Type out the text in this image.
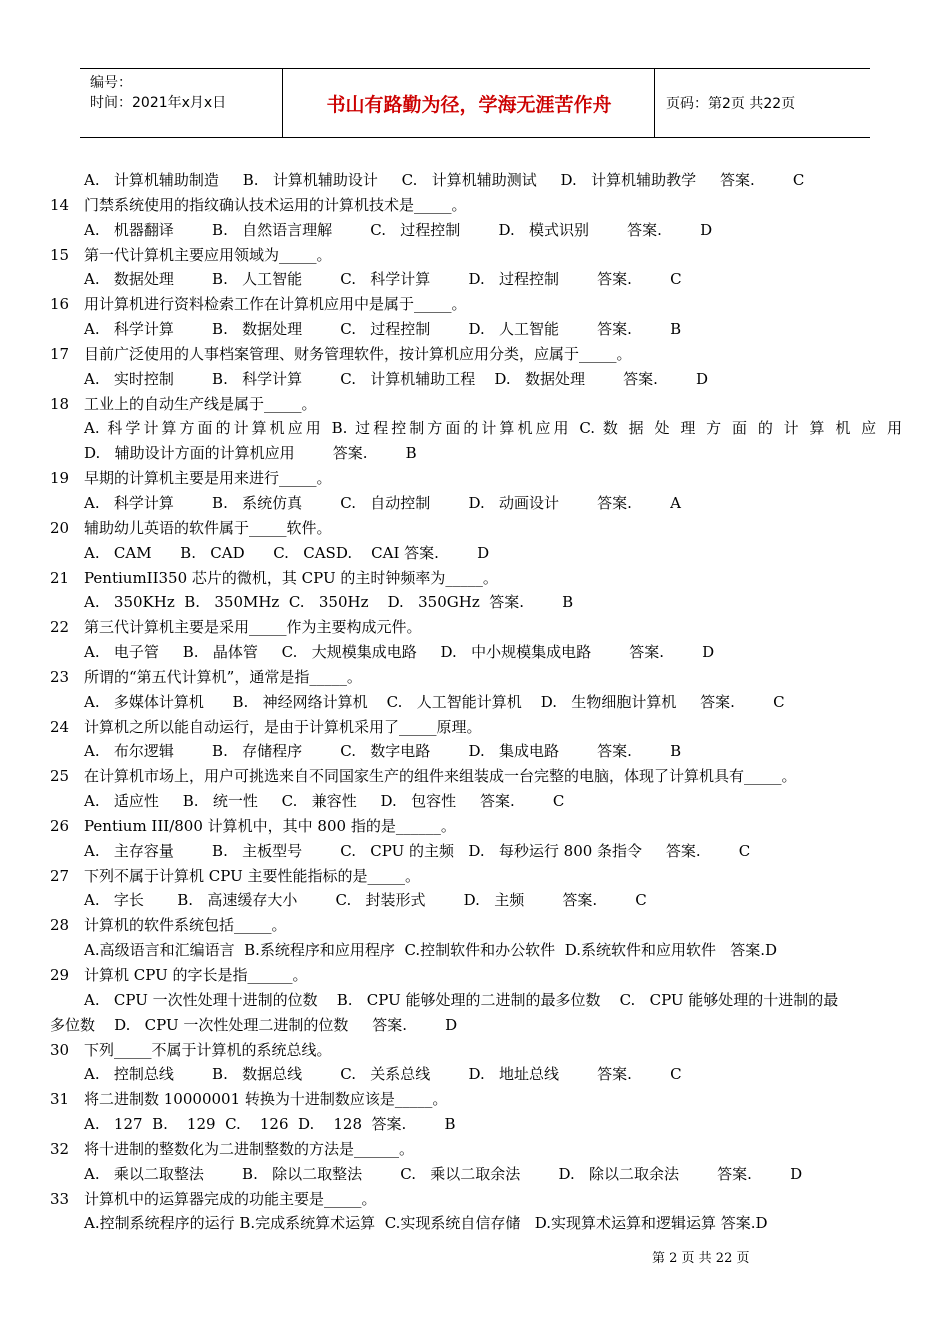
编号：
时间：2021年x月x日	书山有路勤为径，学海无涯苦作舟	页码：第2页 共22页
A.   计算机辅助制造     B.   计算机辅助设计     C.   计算机辅助测试     D.   计算机辅助教学     答案.        C
14 门禁系统使用的指纹确认技术运用的计算机技术是_____。
A.   机器翻译        B.   自然语言理解        C.   过程控制        D.   模式识别        答案.        D
15 第一代计算机主要应用领域为_____。
A.   数据处理        B.   人工智能        C.   科学计算        D.   过程控制        答案.        C
16 用计算机进行资料检索工作在计算机应用中是属于_____。
A.   科学计算        B.   数据处理        C.   过程控制        D.   人工智能        答案.        B
17 目前广泛使用的人事档案管理、财务管理软件，按计算机应用分类，应属于_____。
A.   实时控制        B.   科学计算        C.   计算机辅助工程    D.   数据处理        答案.        D
18 工业上的自动生产线是属于_____。
A. 科学计算方面的计算机应用 B. 过程控制方面的计算机应用 C. 数 据 处 理 方 面 的 计 算 机 应 用
D.   辅助设计方面的计算机应用        答案.        B
19 早期的计算机主要是用来进行_____。
A.   科学计算        B.   系统仿真        C.   自动控制        D.   动画设计        答案.        A
20 辅助幼儿英语的软件属于_____软件。
A.   CAM      B.   CAD      C.   CASD.    CAI 答案.        D
21 PentiumII350 芯片的微机，其 CPU 的主时钟频率为_____。
A.   350KHz  B.   350MHz  C.   350Hz    D.   350GHz  答案.        B
22 第三代计算机主要是采用_____作为主要构成元件。
A.   电子管     B.   晶体管     C.   大规模集成电路     D.   中小规模集成电路        答案.        D
23 所谓的“第五代计算机”，通常是指_____。
A.   多媒体计算机      B.   神经网络计算机    C.   人工智能计算机    D.   生物细胞计算机     答案.        C
24 计算机之所以能自动运行，是由于计算机采用了_____原理。
A.   布尔逻辑        B.   存储程序        C.   数字电路        D.   集成电路        答案.        B
25 在计算机市场上，用户可挑选来自不同国家生产的组件来组装成一台完整的电脑，体现了计算机具有_____。
A.   适应性     B.   统一性     C.   兼容性     D.   包容性     答案.        C
26 Pentium III/800 计算机中，其中 800 指的是______。
A.   主存容量        B.   主板型号        C.   CPU 的主频   D.   每秒运行 800 条指令     答案.        C
27 下列不属于计算机 CPU 主要性能指标的是_____。
A.   字长       B.   高速缓存大小        C.   封装形式        D.   主频        答案.        C
28 计算机的软件系统包括_____。
A.高级语言和汇编语言  B.系统程序和应用程序  C.控制软件和办公软件  D.系统软件和应用软件   答案.D
29 计算机 CPU 的字长是指______。
A.   CPU 一次性处理十进制的位数    B.   CPU 能够处理的二进制的最多位数    C.   CPU 能够处理的十进制的最
多位数    D.   CPU 一次性处理二进制的位数     答案.        D
30 下列_____不属于计算机的系统总线。
A.   控制总线        B.   数据总线        C.   关系总线        D.   地址总线        答案.        C
31 将二进制数 10000001 转换为十进制数应该是_____。
A.   127  B.    129  C.    126  D.    128  答案.        B
32 将十进制的整数化为二进制整数的方法是______。
A.   乘以二取整法        B.   除以二取整法        C.   乘以二取余法        D.   除以二取余法        答案.        D
33 计算机中的运算器完成的功能主要是_____。
A.控制系统程序的运行 B.完成系统算术运算  C.实现系统自信存储   D.实现算术运算和逻辑运算 答案.D
第 2 页 共 22 页
